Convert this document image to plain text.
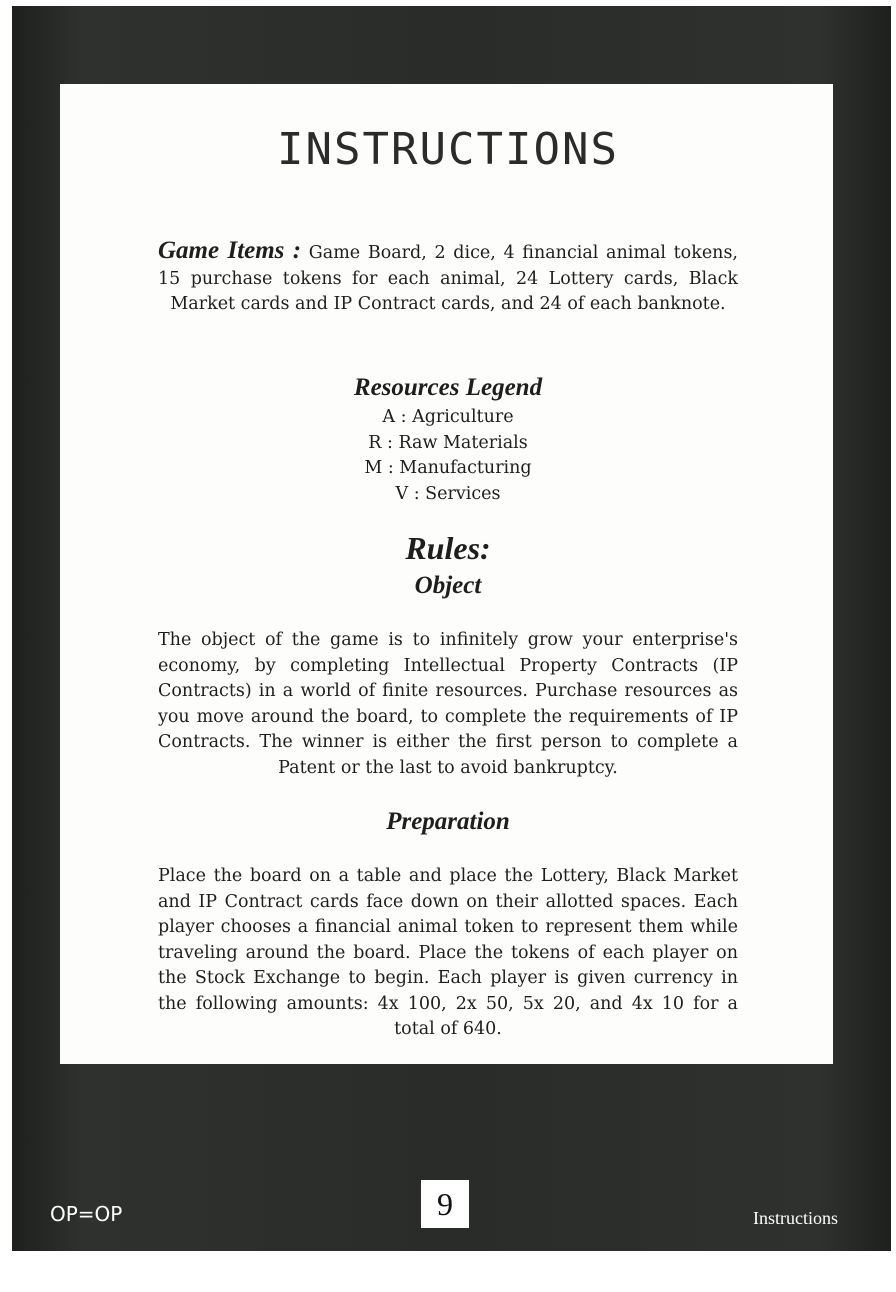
INSTRUCTIONS

Game Items : Game Board, 2 dice, 4 financial animal tokens, 15 purchase tokens for each animal, 24 Lottery cards, Black Market cards and IP Contract cards, and 24 of each banknote.

Resources Legend
A : Agriculture
R : Raw Materials
M : Manufacturing
V : Services
Rules:
Object

The object of the game is to infinitely grow your enterprise's economy, by completing Intellectual Property Contracts (IP Contracts) in a world of finite resources. Purchase resources as you move around the board, to complete the requirements of IP Contracts. The winner is either the first person to complete a Patent or the last to avoid bankruptcy.

Preparation

Place the board on a table and place the Lottery, Black Market and IP Contract cards face down on their allotted spaces. Each player chooses a financial animal token to represent them while traveling around the board. Place the tokens of each player on the Stock Exchange to begin. Each player is given currency in the following amounts: 4x 100, 2x 50, 5x 20, and 4x 10 for a total of 640.

OP=OP	9	Instructions
